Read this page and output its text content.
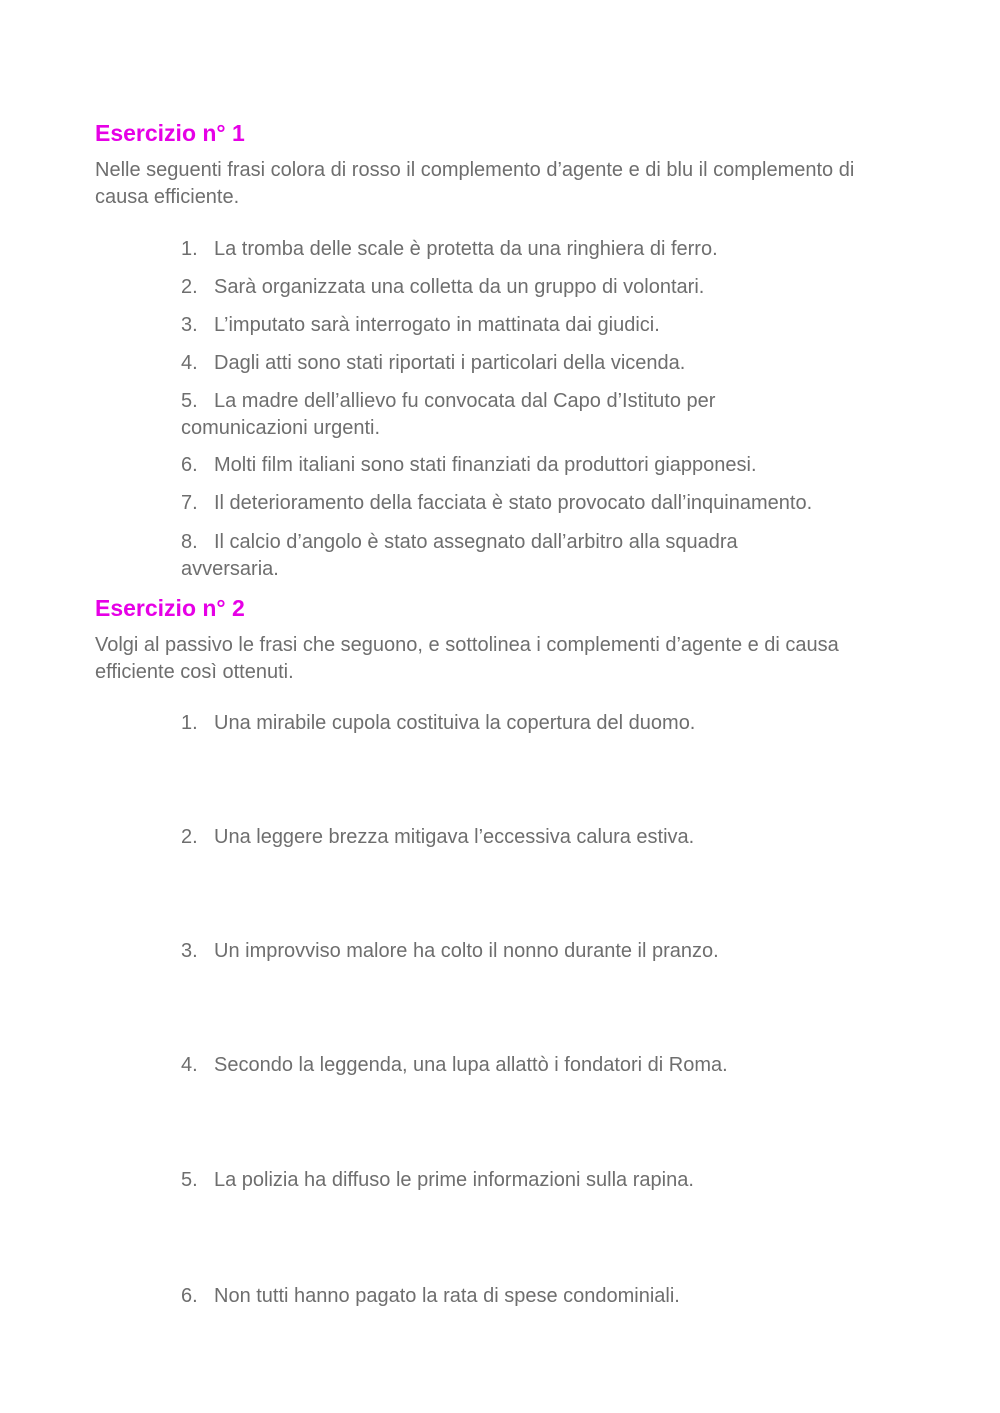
Esercizio n° 1

Nelle seguenti frasi colora di rosso il complemento d’agente e di blu il complemento di causa efficiente.

1. La tromba delle scale è protetta da una ringhiera di ferro.
2. Sarà organizzata una colletta da un gruppo di volontari.
3. L’imputato sarà interrogato in mattinata dai giudici.
4. Dagli atti sono stati riportati i particolari della vicenda.
5. La madre dell’allievo fu convocata dal Capo d’Istituto per comunicazioni urgenti.
6. Molti film italiani sono stati finanziati da produttori giapponesi.
7. Il deterioramento della facciata è stato provocato dall’inquinamento.
8. Il calcio d’angolo è stato assegnato dall’arbitro alla squadra avversaria.
Esercizio n° 2

Volgi al passivo le frasi che seguono, e sottolinea i complementi d’agente e di causa efficiente così ottenuti.

1. Una mirabile cupola costituiva la copertura del duomo.
2. Una leggere brezza mitigava l’eccessiva calura estiva.
3. Un improvviso malore ha colto il nonno durante il pranzo.
4. Secondo la leggenda, una lupa allattò i fondatori di Roma.
5. La polizia ha diffuso le prime informazioni sulla rapina.
6. Non tutti hanno pagato la rata di spese condominiali.
